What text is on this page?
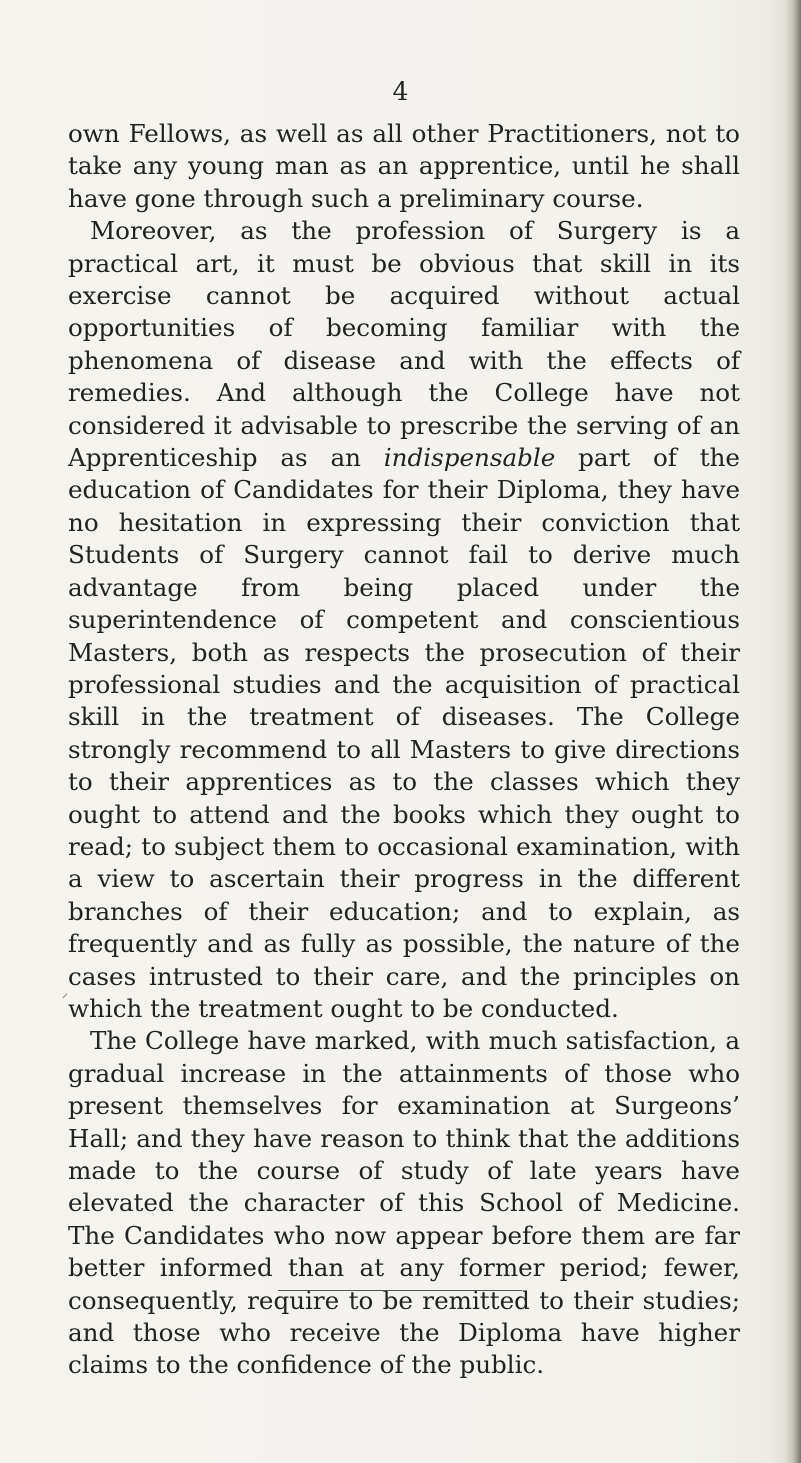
4

own Fellows, as well as all other Practitioners, not to take any young man as an apprentice, until he shall have gone through such a preliminary course.

Moreover, as the profession of Surgery is a practical art, it must be obvious that skill in its exercise cannot be acquired without actual opportunities of becoming familiar with the phenomena of disease and with the effects of remedies. And although the College have not considered it advisable to prescribe the serving of an Apprenticeship as an indispensable part of the education of Candidates for their Diploma, they have no hesitation in expressing their conviction that Students of Surgery cannot fail to derive much advantage from being placed under the superintendence of competent and conscientious Masters, both as respects the prosecution of their professional studies and the acquisition of practical skill in the treatment of diseases. The College strongly recommend to all Masters to give directions to their apprentices as to the classes which they ought to attend and the books which they ought to read; to subject them to occasional examination, with a view to ascertain their progress in the different branches of their education; and to explain, as frequently and as fully as possible, the nature of the cases intrusted to their care, and the principles on which the treatment ought to be conducted.

The College have marked, with much satisfaction, a gradual increase in the attainments of those who present themselves for examination at Surgeons’ Hall; and they have reason to think that the additions made to the course of study of late years have elevated the character of this School of Medicine. The Candidates who now appear before them are far better informed than at any former period; fewer, consequently, require to be remitted to their studies; and those who receive the Diploma have higher claims to the confidence of the public.

⸝
